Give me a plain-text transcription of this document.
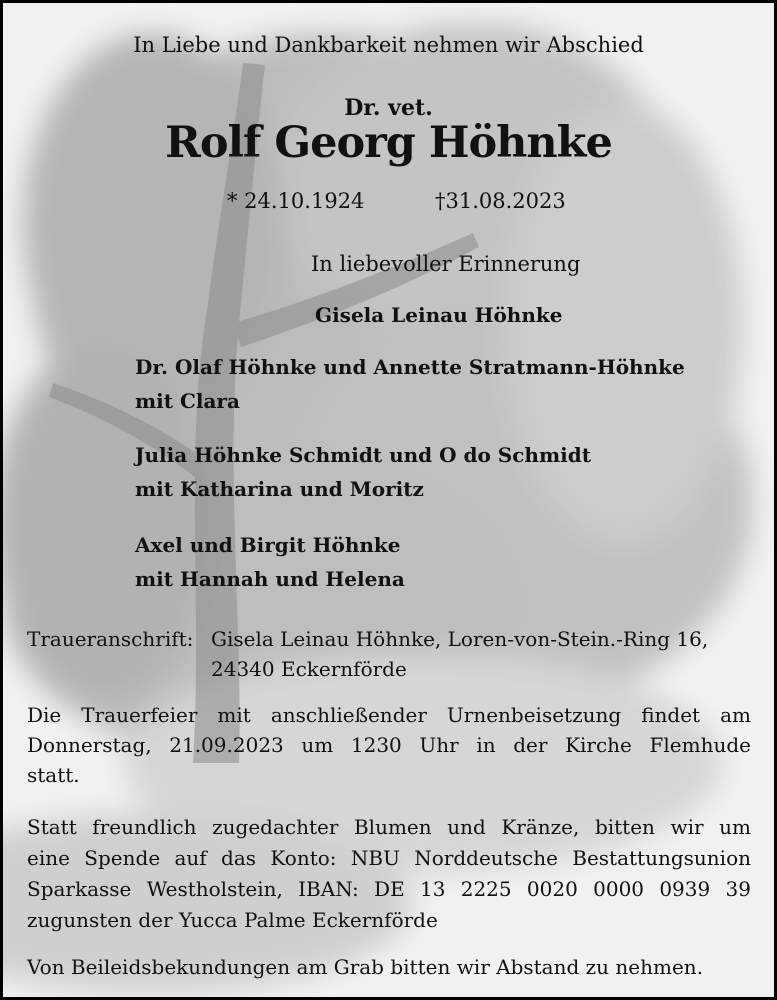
In Liebe und Dankbarkeit nehmen wir Abschied
Dr. vet.
Rolf Georg Höhnke
* 24.10.1924	†31.08.2023
In liebevoller Erinnerung
Gisela Leinau Höhnke
Dr. Olaf Höhnke und Annette Stratmann-Höhnke
mit Clara
Julia Höhnke Schmidt und O do Schmidt
mit Katharina und Moritz
Axel und Birgit Höhnke
mit Hannah und Helena
Traueranschrift: Gisela Leinau Höhnke, Loren-von-Stein.-Ring 16,
24340 Eckernförde
Die Trauerfeier mit anschließender Urnenbeisetzung findet am
Donnerstag, 21.09.2023 um 1230 Uhr in der Kirche Flemhude
statt.
Statt freundlich zugedachter Blumen und Kränze, bitten wir um
eine Spende auf das Konto: NBU Norddeutsche Bestattungsunion
Sparkasse Westholstein, IBAN: DE 13 2225 0020 0000 0939 39
zugunsten der Yucca Palme Eckernförde
Von Beileidsbekundungen am Grab bitten wir Abstand zu nehmen.
